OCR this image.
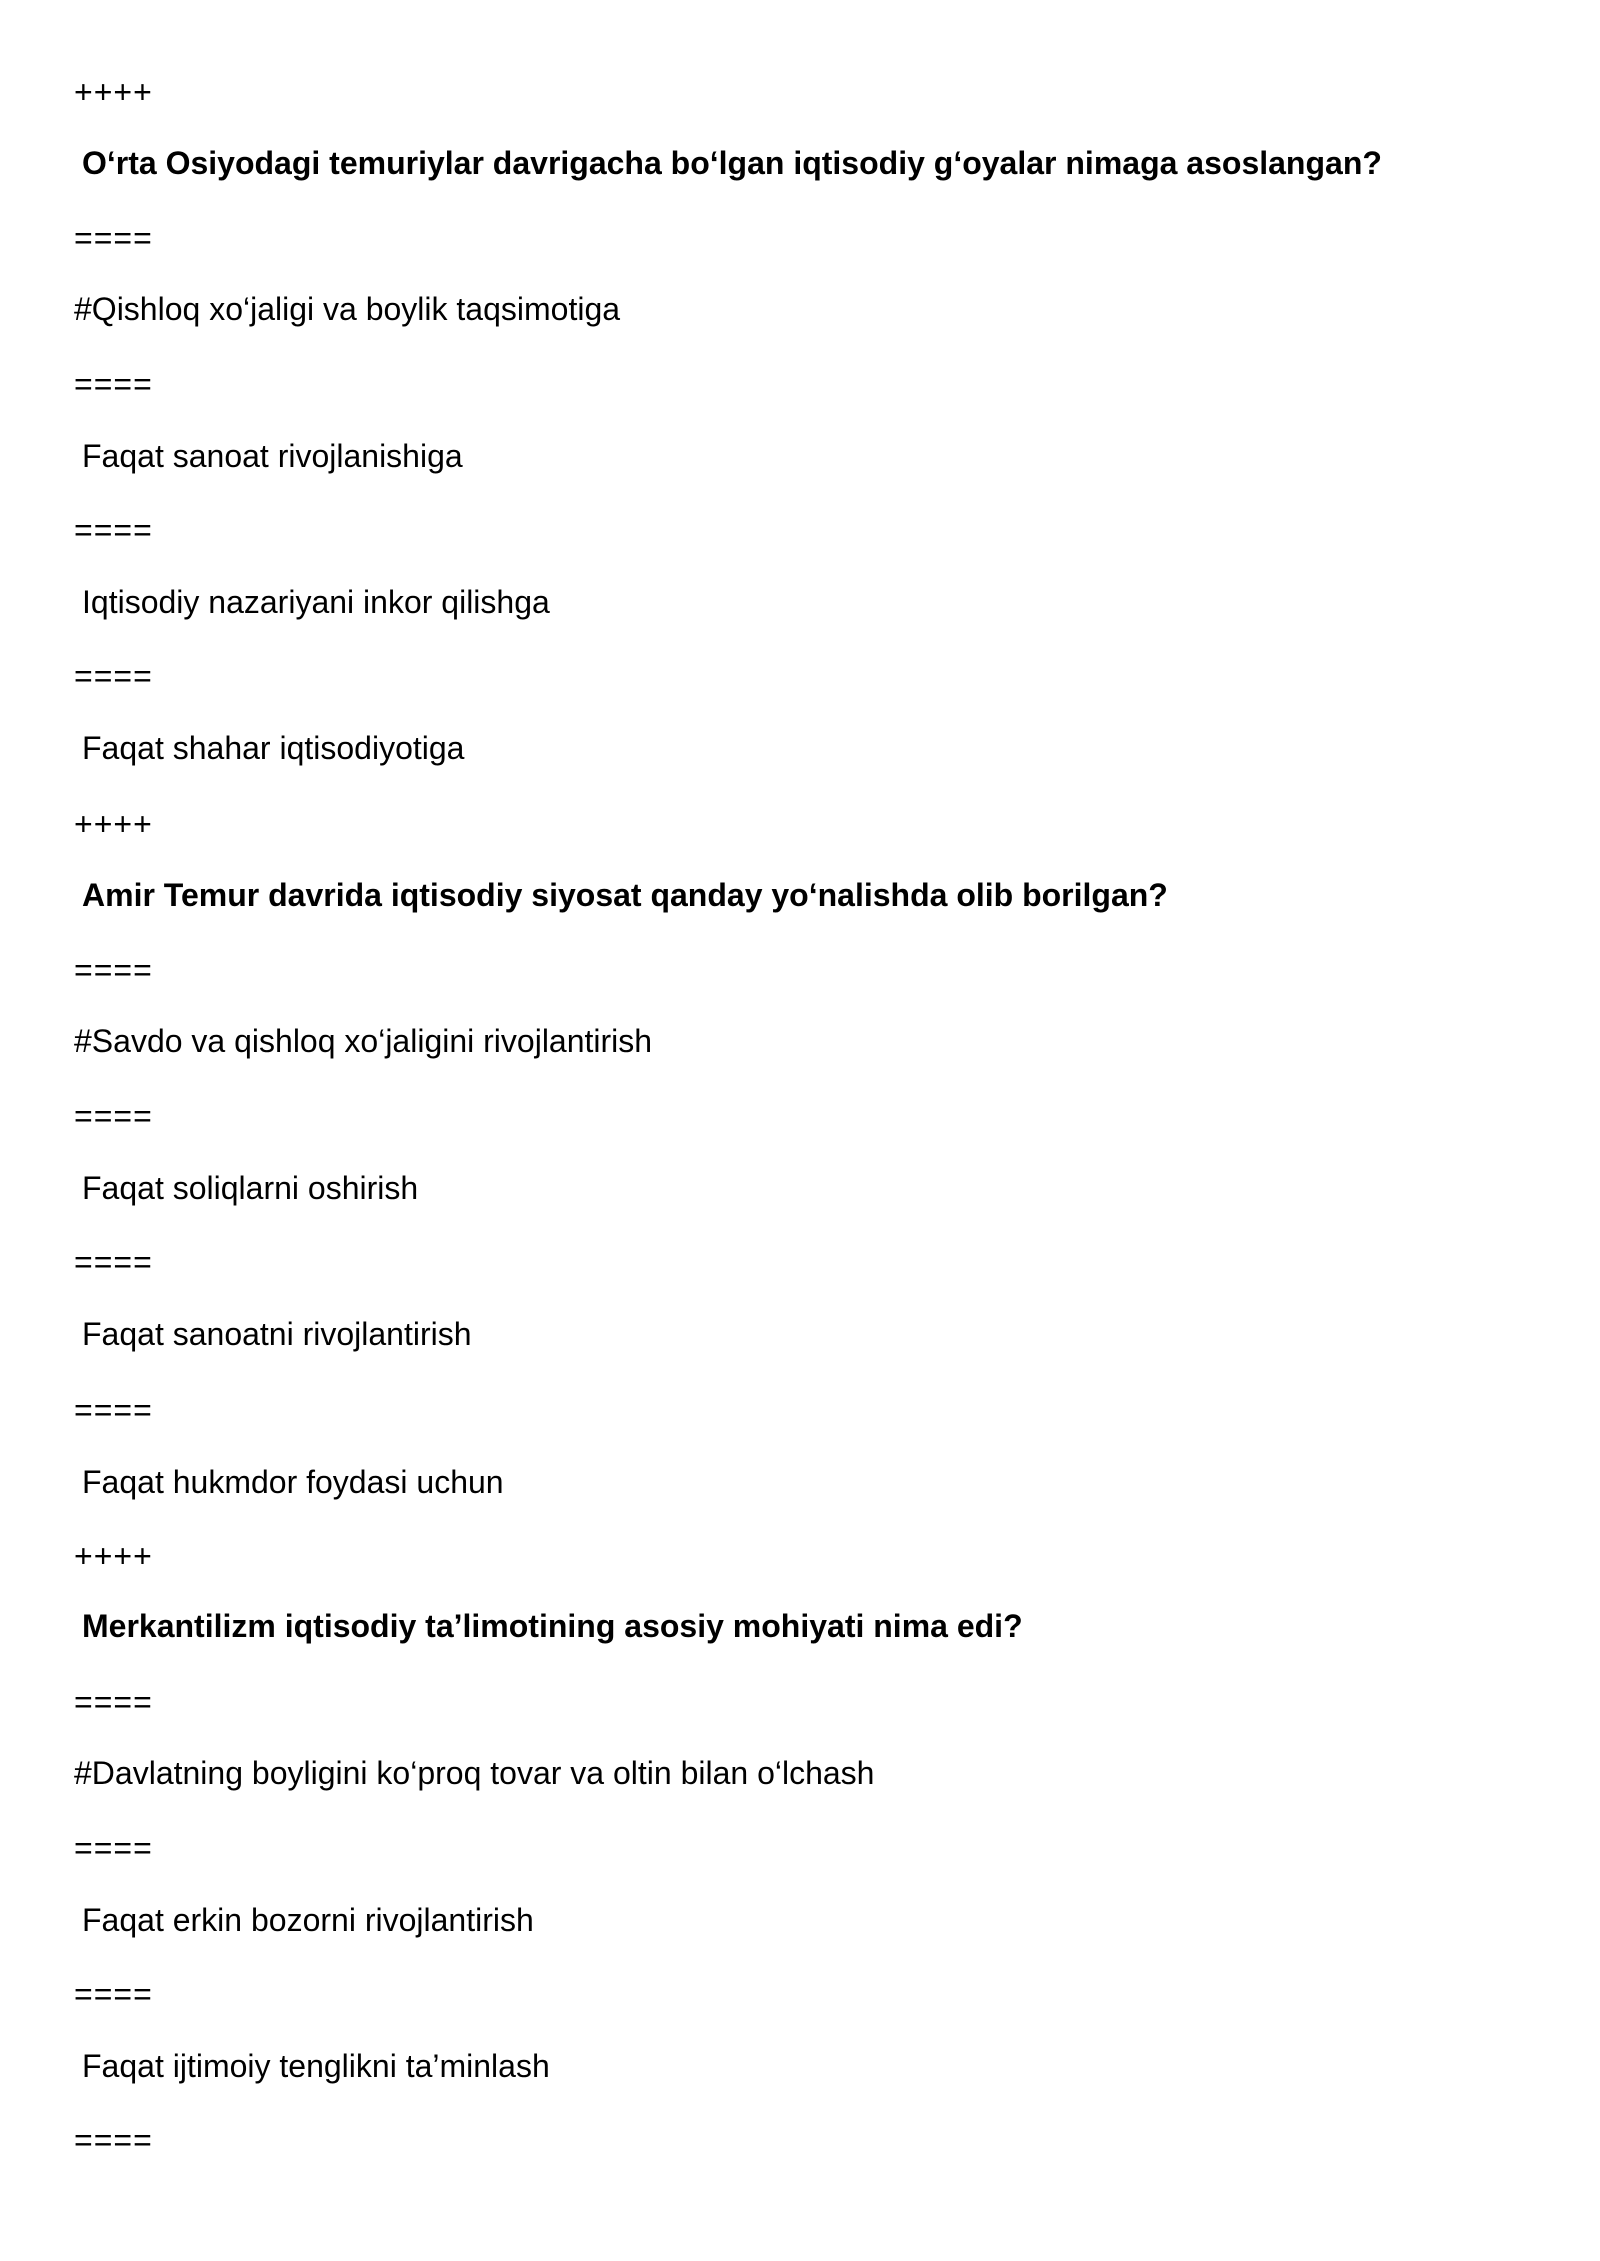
++++
O‘rta Osiyodagi temuriylar davrigacha bo‘lgan iqtisodiy g‘oyalar nimaga asoslangan?
====
#Qishloq xo‘jaligi va boylik taqsimotiga
====
Faqat sanoat rivojlanishiga
====
Iqtisodiy nazariyani inkor qilishga
====
Faqat shahar iqtisodiyotiga
++++
Amir Temur davrida iqtisodiy siyosat qanday yo‘nalishda olib borilgan?
====
#Savdo va qishloq xo‘jaligini rivojlantirish
====
Faqat soliqlarni oshirish
====
Faqat sanoatni rivojlantirish
====
Faqat hukmdor foydasi uchun
++++
Merkantilizm iqtisodiy ta’limotining asosiy mohiyati nima edi?
====
#Davlatning boyligini ko‘proq tovar va oltin bilan o‘lchash
====
Faqat erkin bozorni rivojlantirish
====
Faqat ijtimoiy tenglikni ta’minlash
====
